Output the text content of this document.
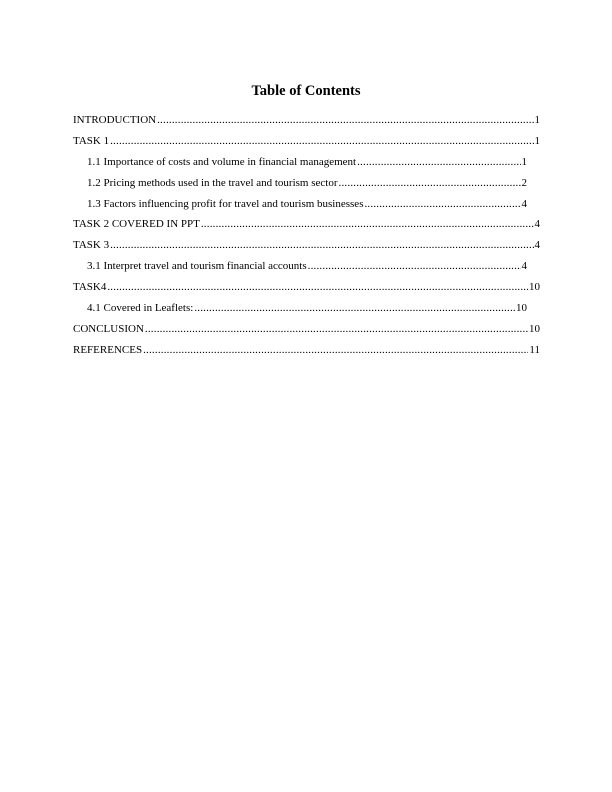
Table of Contents
INTRODUCTION .....	1
TASK 1 .....	1
1.1 Importance of costs and volume in financial management .....	1
1.2 Pricing methods used in the travel and tourism sector .....	2
1.3 Factors influencing profit for travel and tourism businesses .....	4
TASK 2 COVERED IN PPT .....	4
TASK 3 .....	4
3.1 Interpret travel and tourism financial accounts .....	4
TASK4 .....	10
4.1 Covered in Leaflets: .....	10
CONCLUSION .....	10
REFERENCES .....	11
